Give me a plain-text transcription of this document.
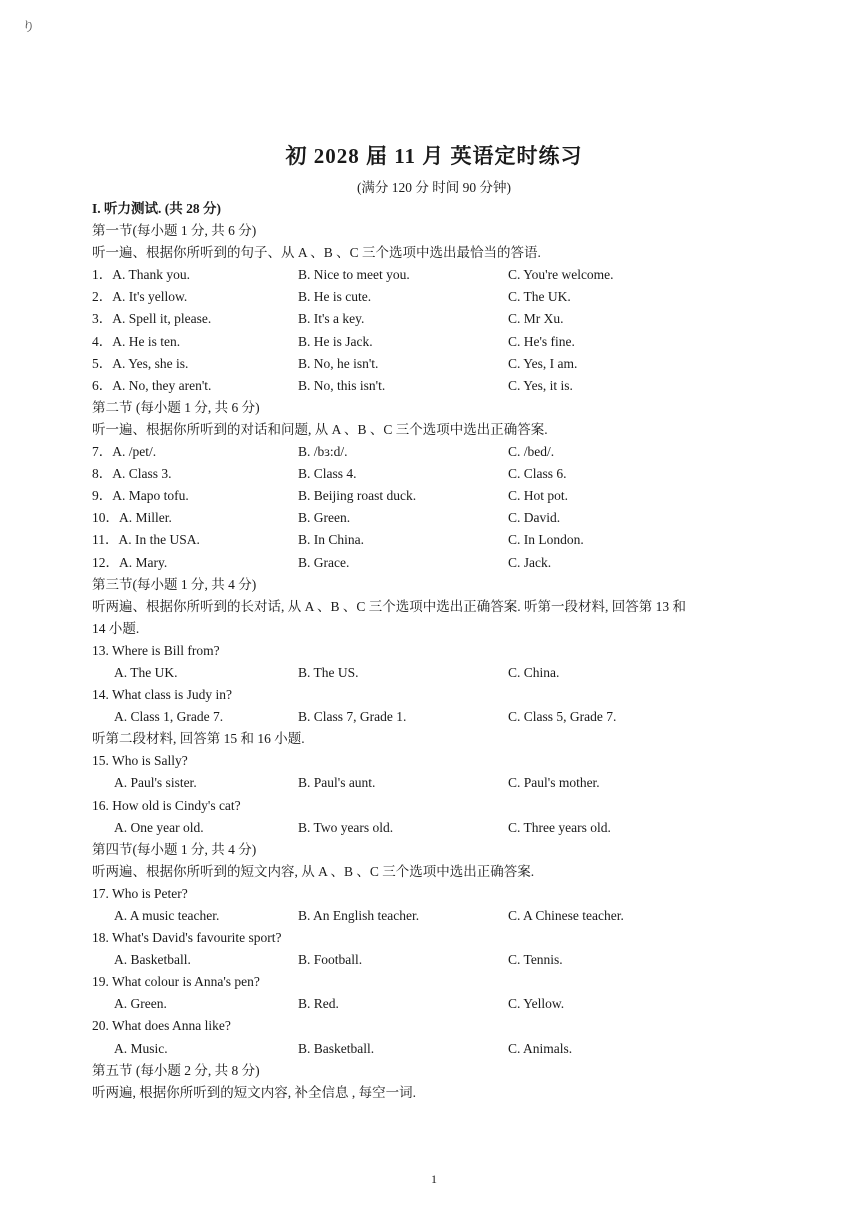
り
初 2028 届 11 月 英语定时练习
(满分 120 分 时间 90 分钟)
I. 听力测试. (共 28 分)
第一节(每小题 1 分, 共 6 分)
听一遍、根据你所听到的句子、从 A 、B 、C 三个选项中选出最恰当的答语.
1．A. Thank you.	B. Nice to meet you.	C. You're welcome.
2．A. It's yellow.	B. He is cute.	C. The UK.
3．A. Spell it, please.	B. It's a key.	C. Mr Xu.
4．A. He is ten.	B. He is Jack.	C. He's fine.
5．A. Yes, she is.	B. No, he isn't.	C. Yes, I am.
6．A. No, they aren't.	B. No, this isn't.	C. Yes, it is.
第二节 (每小题 1 分, 共 6 分)
听一遍、根据你所听到的对话和问题, 从 A 、B 、C 三个选项中选出正确答案.
7．A. /pet/.	B. /bɜ:d/.	C. /bed/.
8．A. Class 3.	B. Class 4.	C. Class 6.
9．A. Mapo tofu.	B. Beijing roast duck.	C. Hot pot.
10．A. Miller.	B. Green.	C. David.
11．A. In the USA.	B. In China.	C. In London.
12．A. Mary.	B. Grace.	C. Jack.
第三节(每小题 1 分, 共 4 分)
听两遍、根据你所听到的长对话, 从 A 、B 、C 三个选项中选出正确答案. 听第一段材料, 回答第 13 和
14 小题.
13. Where is Bill from?
A. The UK.	B. The US.	C. China.
14. What class is Judy in?
A. Class 1, Grade 7.	B. Class 7, Grade 1.	C. Class 5, Grade 7.
听第二段材料, 回答第 15 和 16 小题.
15. Who is Sally?
A. Paul's sister.	B. Paul's aunt.	C. Paul's mother.
16. How old is Cindy's cat?
A. One year old.	B. Two years old.	C. Three years old.
第四节(每小题 1 分, 共 4 分)
听两遍、根据你所听到的短文内容, 从 A 、B 、C 三个选项中选出正确答案.
17. Who is Peter?
A. A music teacher.	B. An English teacher.	C. A Chinese teacher.
18. What's David's favourite sport?
A. Basketball.	B. Football.	C. Tennis.
19. What colour is Anna's pen?
A. Green.	B. Red.	C. Yellow.
20. What does Anna like?
A. Music.	B. Basketball.	C. Animals.
第五节 (每小题 2 分, 共 8 分)
听两遍, 根据你所听到的短文内容, 补全信息 , 每空一词.
1
